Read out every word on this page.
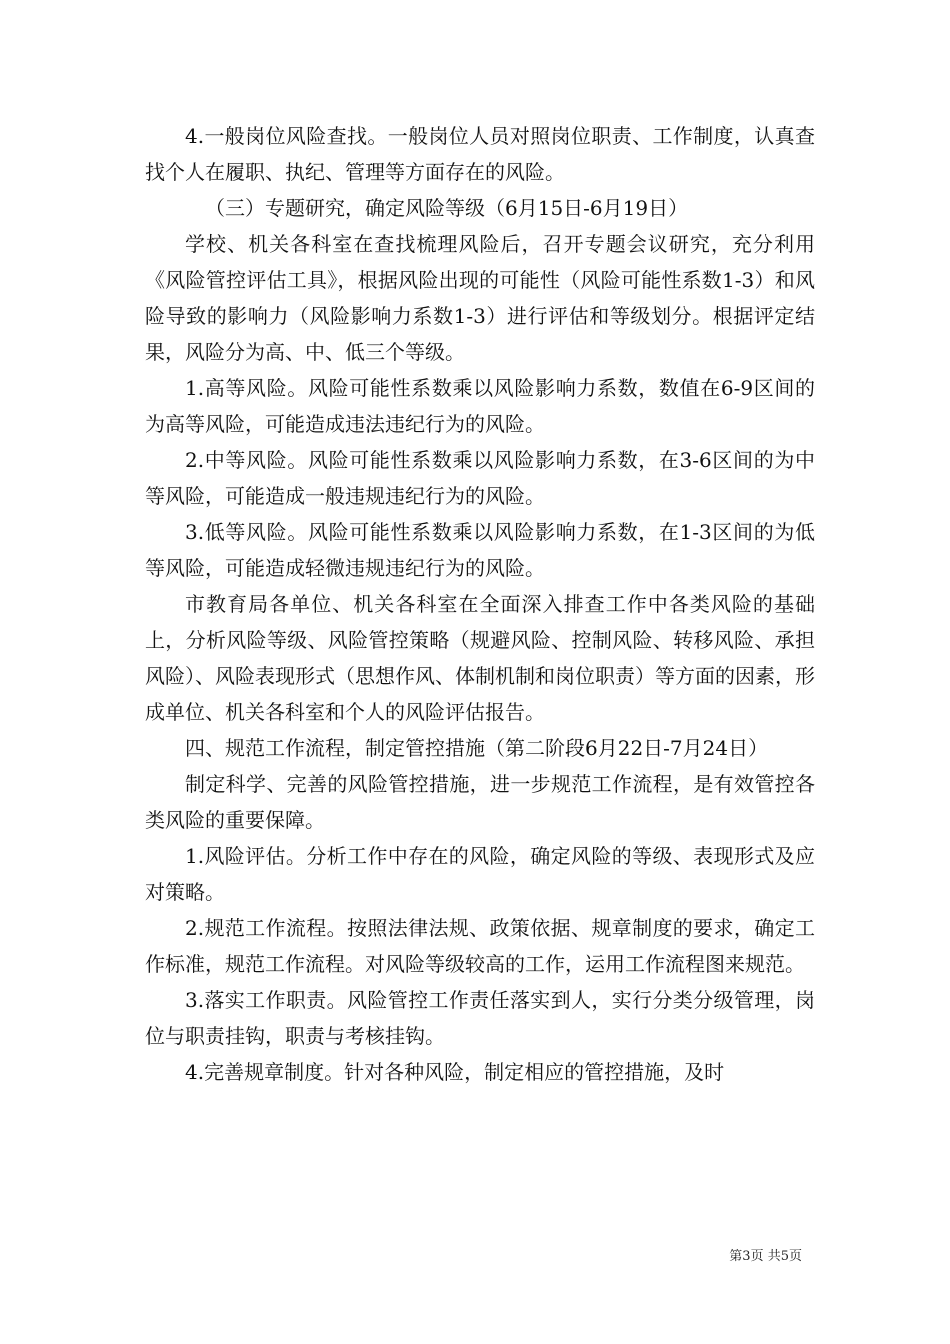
4.一般岗位风险查找。一般岗位人员对照岗位职责、工作制度，认真查找个人在履职、执纪、管理等方面存在的风险。

（三）专题研究，确定风险等级（6月15日-6月19日）

学校、机关各科室在查找梳理风险后，召开专题会议研究，充分利用《风险管控评估工具》，根据风险出现的可能性（风险可能性系数1-3）和风险导致的影响力（风险影响力系数1-3）进行评估和等级划分。根据评定结果，风险分为高、中、低三个等级。

1.高等风险。风险可能性系数乘以风险影响力系数，数值在6-9区间的为高等风险，可能造成违法违纪行为的风险。

2.中等风险。风险可能性系数乘以风险影响力系数，在3-6区间的为中等风险，可能造成一般违规违纪行为的风险。

3.低等风险。风险可能性系数乘以风险影响力系数，在1-3区间的为低等风险，可能造成轻微违规违纪行为的风险。

市教育局各单位、机关各科室在全面深入排查工作中各类风险的基础上，分析风险等级、风险管控策略（规避风险、控制风险、转移风险、承担风险）、风险表现形式（思想作风、体制机制和岗位职责）等方面的因素，形成单位、机关各科室和个人的风险评估报告。

四、规范工作流程，制定管控措施（第二阶段6月22日-7月24日）

制定科学、完善的风险管控措施，进一步规范工作流程，是有效管控各类风险的重要保障。

1.风险评估。分析工作中存在的风险，确定风险的等级、表现形式及应对策略。

2.规范工作流程。按照法律法规、政策依据、规章制度的要求，确定工作标准，规范工作流程。对风险等级较高的工作，运用工作流程图来规范。

3.落实工作职责。风险管控工作责任落实到人，实行分类分级管理，岗位与职责挂钩，职责与考核挂钩。

4.完善规章制度。针对各种风险，制定相应的管控措施，及时

第3页 共5页
